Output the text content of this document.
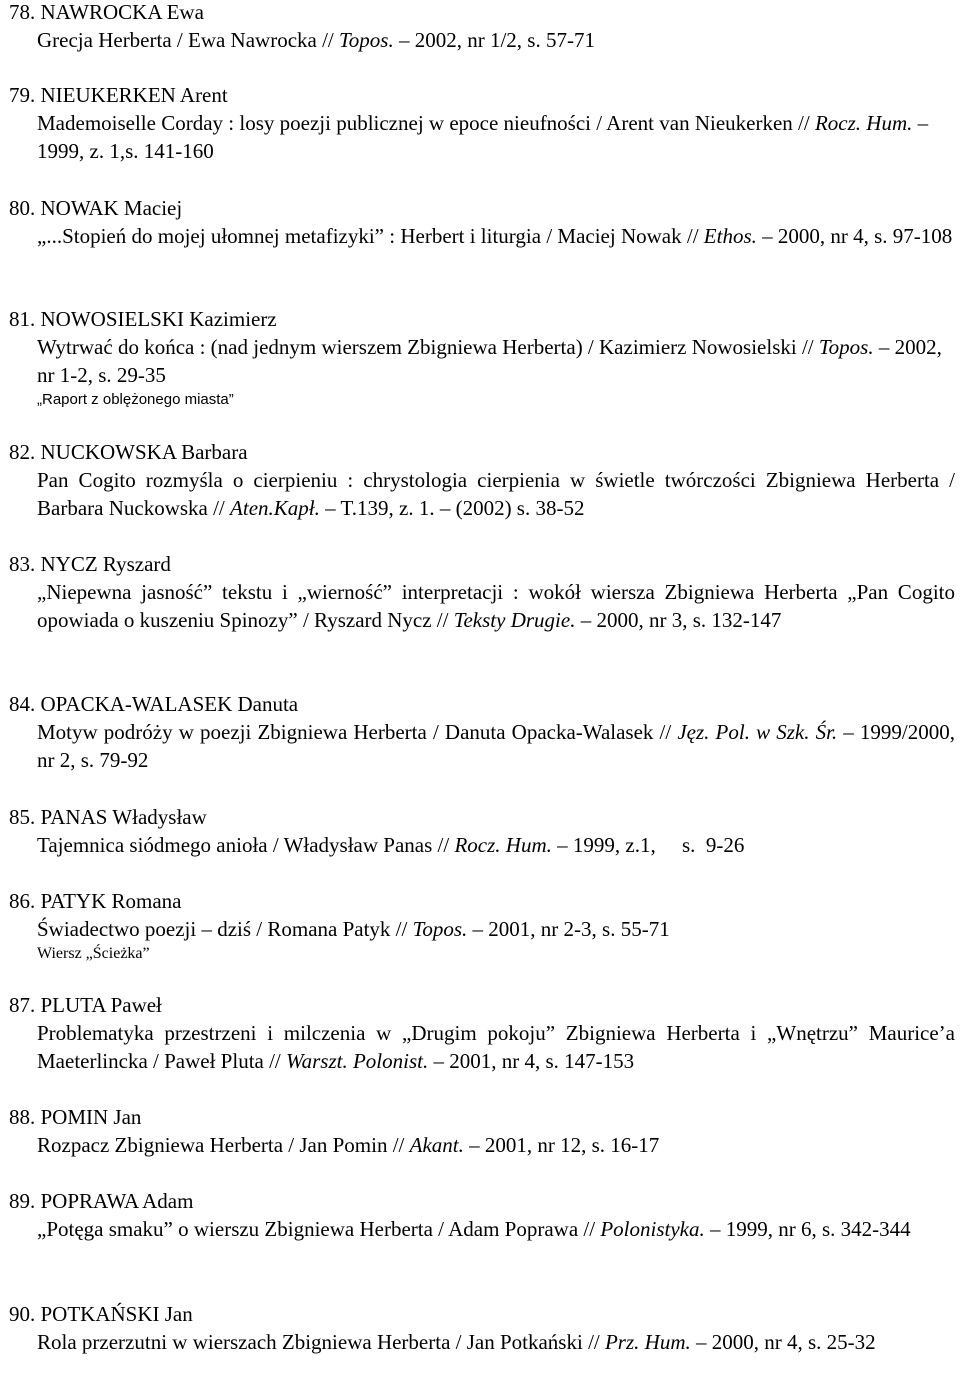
78. NAWROCKA Ewa
Grecja Herberta / Ewa Nawrocka // Topos. – 2002, nr 1/2, s. 57-71
79. NIEUKERKEN Arent
Mademoiselle Corday : losy poezji publicznej w epoce nieufności / Arent van Nieukerken // Rocz. Hum. – 1999, z. 1,s. 141-160
80. NOWAK Maciej
„...Stopień do mojej ułomnej metafizyki” : Herbert i liturgia / Maciej Nowak // Ethos. – 2000, nr 4, s. 97-108
81. NOWOSIELSKI Kazimierz
Wytrwać do końca : (nad jednym wierszem Zbigniewa Herberta) / Kazimierz Nowosielski // Topos. – 2002, nr 1-2, s. 29-35
„Raport z oblężonego miasta”
82. NUCKOWSKA Barbara
Pan Cogito rozmyśla o cierpieniu : chrystologia cierpienia w świetle twórczości Zbigniewa Herberta / Barbara Nuckowska // Aten.Kapł. – T.139, z. 1. – (2002) s. 38-52
83. NYCZ Ryszard
„Niepewna jasność” tekstu i „wierność” interpretacji : wokół wiersza Zbigniewa Herberta „Pan Cogito opowiada o kuszeniu Spinozy” / Ryszard Nycz // Teksty Drugie. – 2000, nr 3, s. 132-147
84. OPACKA-WALASEK Danuta
Motyw podróży w poezji Zbigniewa Herberta / Danuta Opacka-Walasek // Jęz. Pol. w Szk. Śr. – 1999/2000, nr 2, s. 79-92
85. PANAS Władysław
Tajemnica siódmego anioła / Władysław Panas // Rocz. Hum. – 1999, z.1,     s.  9-26
86. PATYK Romana
Świadectwo poezji – dziś / Romana Patyk // Topos. – 2001, nr 2-3, s. 55-71
Wiersz „Ścieżka”
87. PLUTA Paweł
Problematyka przestrzeni i milczenia w „Drugim pokoju” Zbigniewa Herberta i „Wnętrzu” Maurice’a Maeterlincka / Paweł Pluta // Warszt. Polonist. – 2001, nr 4, s. 147-153
88. POMIN Jan
Rozpacz Zbigniewa Herberta / Jan Pomin // Akant. – 2001, nr 12, s. 16-17
89. POPRAWA Adam
„Potęga smaku” o wierszu Zbigniewa Herberta / Adam Poprawa // Polonistyka. – 1999, nr 6, s. 342-344
90. POTKAŃSKI Jan
Rola przerzutni w wierszach Zbigniewa Herberta / Jan Potkański // Prz. Hum. – 2000, nr 4, s. 25-32
